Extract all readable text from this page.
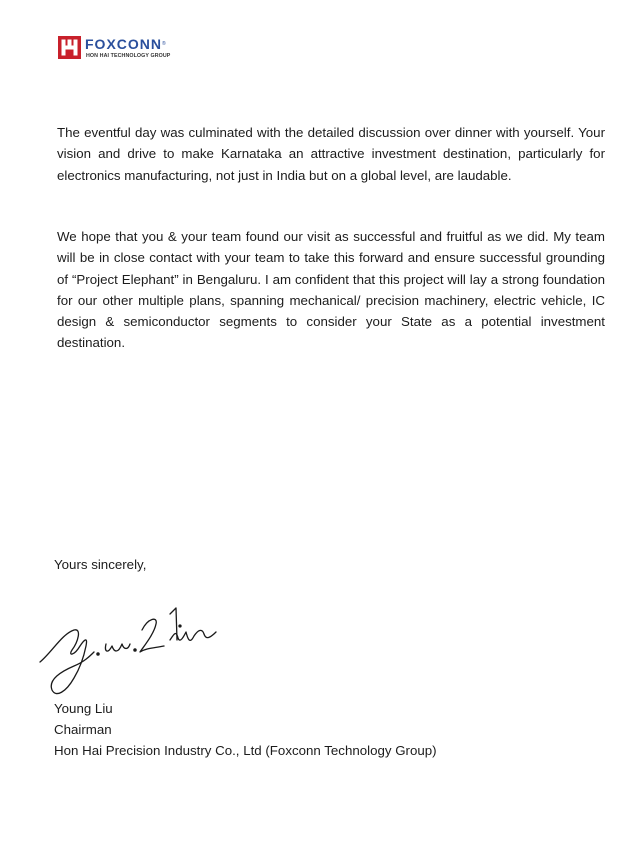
FOXCONN®
HON HAI TECHNOLOGY GROUP

The eventful day was culminated with the detailed discussion over dinner with yourself. Your vision and drive to make Karnataka an attractive investment destination, particularly for electronics manufacturing, not just in India but on a global level, are laudable.

We hope that you & your team found our visit as successful and fruitful as we did. My team will be in close contact with your team to take this forward and ensure successful grounding of “Project Elephant” in Bengaluru. I am confident that this project will lay a strong foundation for our other multiple plans, spanning mechanical/ precision machinery, electric vehicle, IC design & semiconductor segments to consider your State as a potential investment destination.

Yours sincerely,

Young Liu

Chairman

Hon Hai Precision Industry Co., Ltd (Foxconn Technology Group)
